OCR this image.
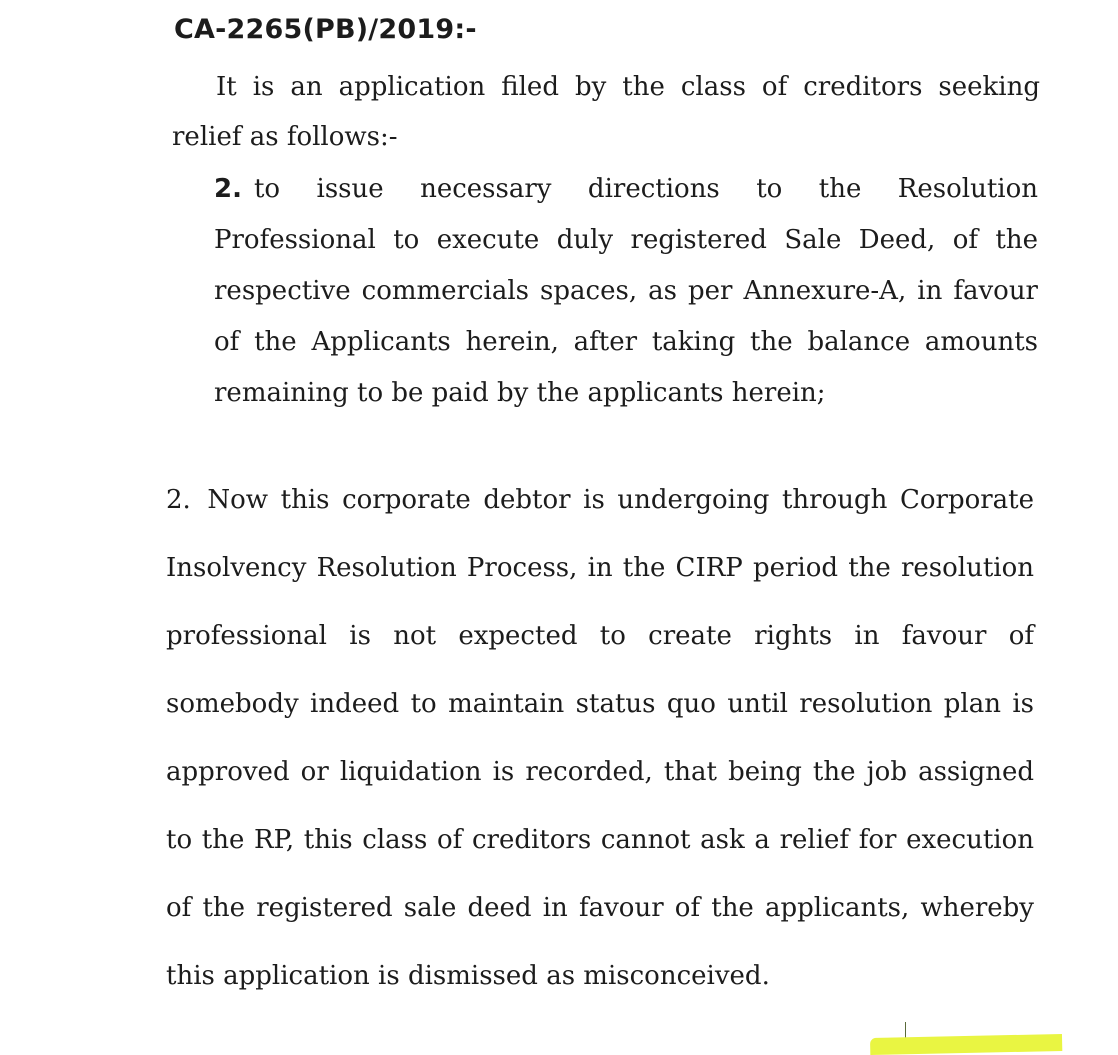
CA-2265(PB)/2019:-

It is an application filed by the class of creditors seeking relief as follows:-

2. to issue necessary directions to the Resolution Professional to execute duly registered Sale Deed, of the respective commercials spaces, as per Annexure-A, in favour of the Applicants herein, after taking the balance amounts remaining to be paid by the applicants herein;

2. Now this corporate debtor is undergoing through Corporate Insolvency Resolution Process, in the CIRP period the resolution professional is not expected to create rights in favour of somebody indeed to maintain status quo until resolution plan is approved or liquidation is recorded, that being the job assigned to the RP, this class of creditors cannot ask a relief for execution of the registered sale deed in favour of the applicants, whereby this application is dismissed as misconceived.
